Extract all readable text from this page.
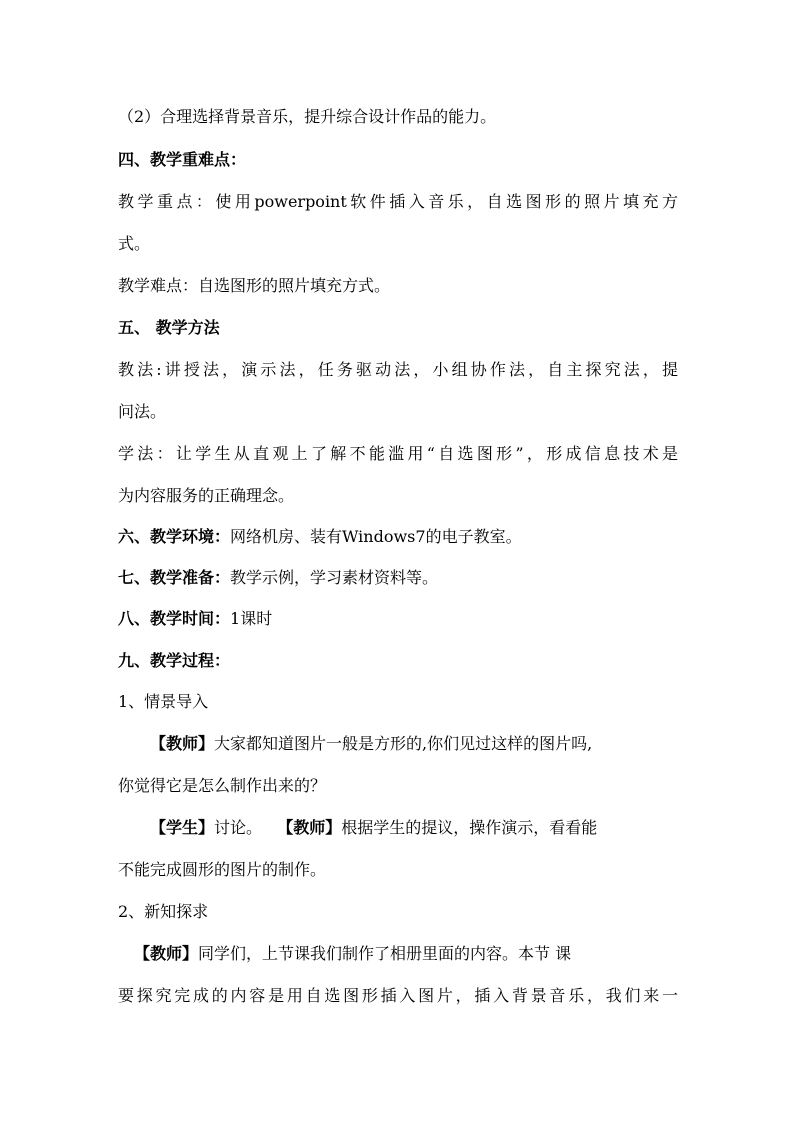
（2）合理选择背景音乐，提升综合设计作品的能力。
四、教学重难点：
教学重点：使用powerpoint软件插入音乐，自选图形的照片填充方
式。
教学难点：自选图形的照片填充方式。
五、 教学方法
教法:讲授法，演示法，任务驱动法，小组协作法，自主探究法，提
问法。
学法：让学生从直观上了解不能滥用“自选图形”，形成信息技术是
为内容服务的正确理念。
六、教学环境：网络机房、装有Windows7的电子教室。
七、教学准备：教学示例，学习素材资料等。
八、教学时间：1课时
九、教学过程：
1、情景导入
【教师】大家都知道图片一般是方形的,你们见过这样的图片吗,
你觉得它是怎么制作出来的？
【学生】讨论。   【教师】根据学生的提议，操作演示，看看能
不能完成圆形的图片的制作。
2、新知探求
【教师】同学们，上节课我们制作了相册里面的内容。本节 课
要探究完成的内容是用自选图形插入图片，插入背景音乐，我们来一
